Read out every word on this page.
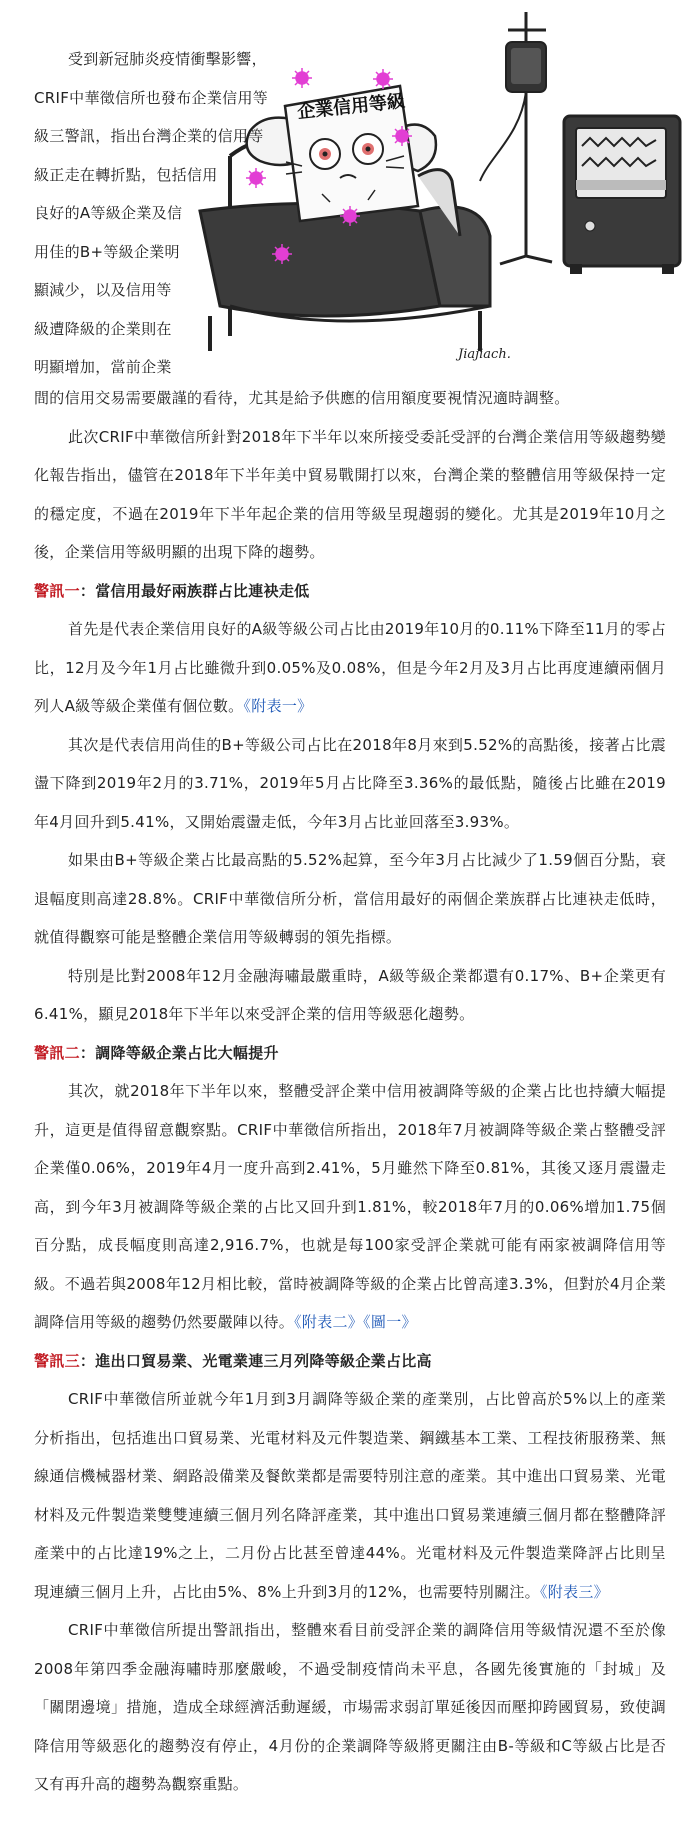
企業信用等級
Jiajiach.

受到新冠肺炎疫情衝擊影響，

CRIF中華徵信所也發布企業信用等

級三警訊，指出台灣企業的信用等

級正走在轉折點，包括信用

良好的A等級企業及信

用佳的B+等級企業明

顯減少，以及信用等

級遭降級的企業則在

明顯增加，當前企業

間的信用交易需要嚴謹的看待，尤其是給予供應的信用額度要視情況適時調整。

此次CRIF中華徵信所針對2018年下半年以來所接受委託受評的台灣企業信用等級趨勢變化報告指出，儘管在2018年下半年美中貿易戰開打以來，台灣企業的整體信用等級保持一定的穩定度，不過在2019年下半年起企業的信用等級呈現趨弱的變化。尤其是2019年10月之後，企業信用等級明顯的出現下降的趨勢。

警訊一：當信用最好兩族群占比連袂走低

首先是代表企業信用良好的A級等級公司占比由2019年10月的0.11%下降至11月的零占比，12月及今年1月占比雖微升到0.05%及0.08%，但是今年2月及3月占比再度連續兩個月列人A級等級企業僅有個位數。《附表一》

其次是代表信用尚佳的B+等級公司占比在2018年8月來到5.52%的高點後，接著占比震盪下降到2019年2月的3.71%，2019年5月占比降至3.36%的最低點，隨後占比雖在2019年4月回升到5.41%，又開始震盪走低，今年3月占比並回落至3.93%。

如果由B+等級企業占比最高點的5.52%起算，至今年3月占比減少了1.59個百分點，衰退幅度則高達28.8%。CRIF中華徵信所分析，當信用最好的兩個企業族群占比連袂走低時，就值得觀察可能是整體企業信用等級轉弱的領先指標。

特別是比對2008年12月金融海嘯最嚴重時，A級等級企業都還有0.17%、B+企業更有6.41%，顯見2018年下半年以來受評企業的信用等級惡化趨勢。

警訊二：調降等級企業占比大幅提升

其次，就2018年下半年以來，整體受評企業中信用被調降等級的企業占比也持續大幅提升，這更是值得留意觀察點。CRIF中華徵信所指出，2018年7月被調降等級企業占整體受評企業僅0.06%，2019年4月一度升高到2.41%，5月雖然下降至0.81%，其後又逐月震盪走高，到今年3月被調降等級企業的占比又回升到1.81%，較2018年7月的0.06%增加1.75個百分點，成長幅度則高達2,916.7%，也就是每100家受評企業就可能有兩家被調降信用等級。不過若與2008年12月相比較，當時被調降等級的企業占比曾高達3.3%，但對於4月企業調降信用等級的趨勢仍然要嚴陣以待。《附表二》《圖一》

警訊三：進出口貿易業、光電業連三月列降等級企業占比高

CRIF中華徵信所並就今年1月到3月調降等級企業的產業別，占比曾高於5%以上的產業分析指出，包括進出口貿易業、光電材料及元件製造業、鋼鐵基本工業、工程技術服務業、無線通信機械器材業、網路設備業及餐飲業都是需要特別注意的產業。其中進出口貿易業、光電材料及元件製造業雙雙連續三個月列名降評產業，其中進出口貿易業連續三個月都在整體降評產業中的占比達19%之上，二月份占比甚至曾達44%。光電材料及元件製造業降評占比則呈現連續三個月上升，占比由5%、8%上升到3月的12%，也需要特別關注。《附表三》

CRIF中華徵信所提出警訊指出，整體來看目前受評企業的調降信用等級情況還不至於像2008年第四季金融海嘯時那麼嚴峻，不過受制疫情尚未平息，各國先後實施的「封城」及「關閉邊境」措施，造成全球經濟活動遲緩，市場需求弱訂單延後因而壓抑跨國貿易，致使調降信用等級惡化的趨勢沒有停止，4月份的企業調降等級將更關注由B-等級和C等級占比是否又有再升高的趨勢為觀察重點。
